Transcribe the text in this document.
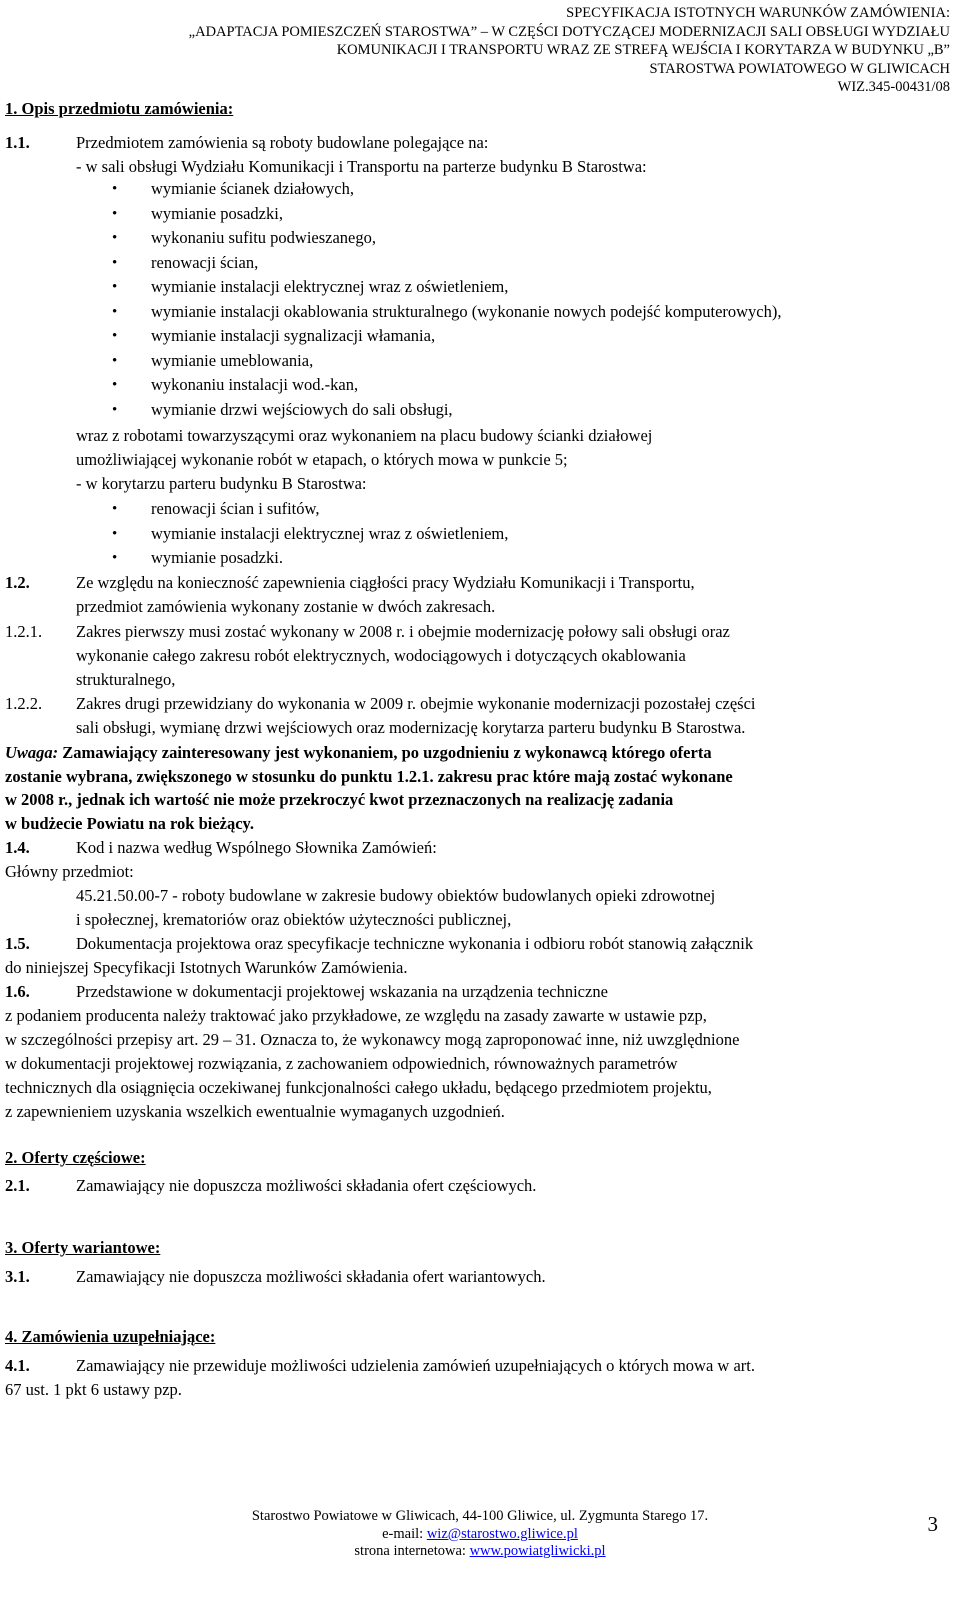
SPECYFIKACJA ISTOTNYCH WARUNKÓW ZAMÓWIENIA:
„ADAPTACJA POMIESZCZEŃ STAROSTWA” – W CZĘŚCI DOTYCZĄCEJ MODERNIZACJI SALI OBSŁUGI WYDZIAŁU
KOMUNIKACJI I TRANSPORTU WRAZ ZE STREFĄ WEJŚCIA I KORYTARZA W BUDYNKU „B”
STAROSTWA POWIATOWEGO W GLIWICACH
WIZ.345-00431/08
1. Opis przedmiotu zamówienia:
1.1.	Przedmiotem zamówienia są roboty budowlane polegające na:
- w sali obsługi Wydziału Komunikacji i Transportu na parterze budynku B Starostwa:
• wymianie ścianek działowych,
• wymianie posadzki,
• wykonaniu sufitu podwieszanego,
• renowacji ścian,
• wymianie instalacji elektrycznej wraz z oświetleniem,
• wymianie instalacji okablowania strukturalnego (wykonanie nowych podejść komputerowych),
• wymianie instalacji sygnalizacji włamania,
• wymianie umeblowania,
• wykonaniu instalacji wod.-kan,
• wymianie drzwi wejściowych do sali obsługi,
wraz z robotami towarzyszącymi oraz wykonaniem na placu budowy ścianki działowej
umożliwiającej wykonanie robót w etapach, o których mowa w punkcie 5;
- w korytarzu parteru budynku B Starostwa:
• renowacji ścian i sufitów,
• wymianie instalacji elektrycznej wraz z oświetleniem,
• wymianie posadzki.
1.2.	Ze względu na konieczność zapewnienia ciągłości pracy Wydziału Komunikacji i Transportu,
przedmiot zamówienia wykonany zostanie w dwóch zakresach.
1.2.1. Zakres pierwszy musi zostać wykonany w 2008 r. i obejmie modernizację połowy sali obsługi oraz
wykonanie całego zakresu robót elektrycznych, wodociągowych i dotyczących okablowania
strukturalnego,
1.2.2. Zakres drugi przewidziany do wykonania w 2009 r. obejmie wykonanie modernizacji pozostałej części
sali obsługi, wymianę drzwi wejściowych oraz modernizację korytarza parteru budynku B Starostwa.
Uwaga: Zamawiający zainteresowany jest wykonaniem, po uzgodnieniu z wykonawcą którego oferta
zostanie wybrana, zwiększonego w stosunku do punktu 1.2.1. zakresu prac które mają zostać wykonane
w 2008 r., jednak ich wartość nie może przekroczyć kwot przeznaczonych na realizację zadania
w budżecie Powiatu na rok bieżący.
1.4.	Kod i nazwa według Wspólnego Słownika Zamówień:
Główny przedmiot:
45.21.50.00-7 - roboty budowlane w zakresie budowy obiektów budowlanych opieki zdrowotnej
i społecznej, krematoriów oraz obiektów użyteczności publicznej,
1.5.	Dokumentacja projektowa oraz specyfikacje techniczne wykonania i odbioru robót stanowią załącznik
do niniejszej Specyfikacji Istotnych Warunków Zamówienia.
1.6.	Przedstawione w dokumentacji projektowej wskazania na urządzenia techniczne
z podaniem producenta należy traktować jako przykładowe, ze względu na zasady zawarte w ustawie pzp,
w szczególności przepisy art. 29 – 31. Oznacza to, że wykonawcy mogą zaproponować inne, niż uwzględnione
w dokumentacji projektowej rozwiązania, z zachowaniem odpowiednich, równoważnych parametrów
technicznych dla osiągnięcia oczekiwanej funkcjonalności całego układu, będącego przedmiotem projektu,
z zapewnieniem uzyskania wszelkich ewentualnie wymaganych uzgodnień.
2. Oferty częściowe:
2.1.	Zamawiający nie dopuszcza możliwości składania ofert częściowych.
3. Oferty wariantowe:
3.1.	Zamawiający nie dopuszcza możliwości składania ofert wariantowych.
4. Zamówienia uzupełniające:
4.1.	Zamawiający nie przewiduje możliwości udzielenia zamówień uzupełniających o których mowa w art.
67 ust. 1 pkt 6 ustawy pzp.
Starostwo Powiatowe w Gliwicach, 44-100 Gliwice, ul. Zygmunta Starego 17.
e-mail: wiz@starostwo.gliwice.pl
strona internetowa: www.powiatgliwicki.pl
3
